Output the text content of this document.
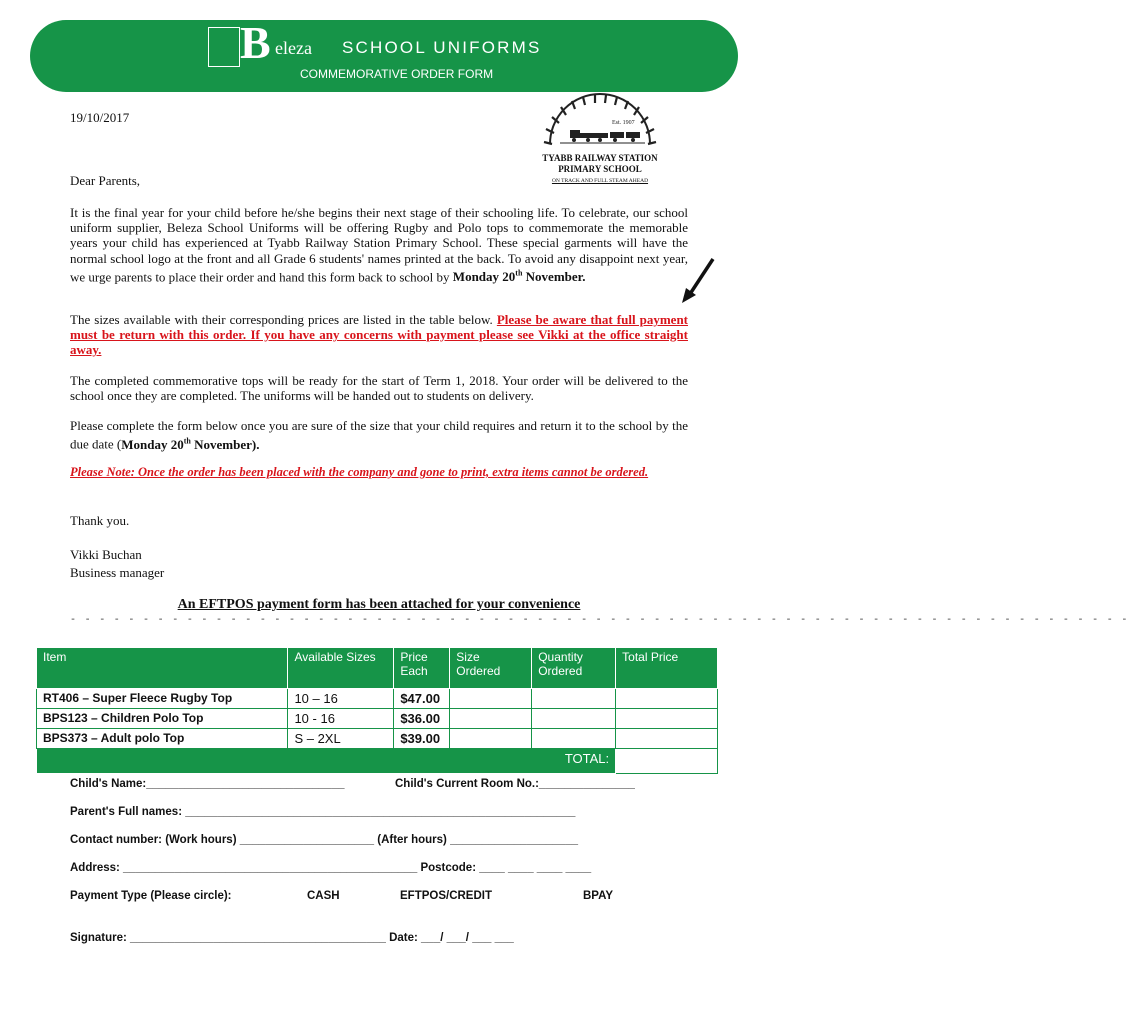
B eleza SCHOOL UNIFORMS
COMMEMORATIVE ORDER FORM
Est. 1907
TYABB RAILWAY STATION
PRIMARY SCHOOL
ON TRACK AND FULL STEAM AHEAD

19/10/2017

Dear Parents,

It is the final year for your child before he/she begins their next stage of their schooling life. To celebrate, our school uniform supplier, Beleza School Uniforms will be offering Rugby and Polo tops to commemorate the memorable years your child has experienced at Tyabb Railway Station Primary School. These special garments will have the normal school logo at the front and all Grade 6 students' names printed at the back. To avoid any disappoint next year, we urge parents to place their order and hand this form back to school by Monday 20th November.

The sizes available with their corresponding prices are listed in the table below. Please be aware that full payment must be return with this order. If you have any concerns with payment please see Vikki at the office straight away.

The completed commemorative tops will be ready for the start of Term 1, 2018. Your order will be delivered to the school once they are completed. The uniforms will be handed out to students on delivery.

Please complete the form below once you are sure of the size that your child requires and return it to the school by the due date (Monday 20th November).

Please Note: Once the order has been placed with the company and gone to print, extra items cannot be ordered.

Thank you.

Vikki Buchan

Business manager

An EFTPOS payment form has been attached for your convenience
- - - - - - - - - - - - - - - - - - - - - - - - - - - - - - - - - - - - - - - - - - - - - - - - - - - - - - - - - - - - - - - - - - - - - - - - -
Item	Available Sizes	Price Each	Size Ordered	Quantity Ordered	Total Price
RT406 – Super Fleece Rugby Top	10 – 16	$47.00			
BPS123 – Children Polo Top	10 - 16	$36.00			
BPS373 – Adult polo Top	S – 2XL	$39.00			
TOTAL:					
Child's Name:_______________________________	Child's Current Room No.:_______________
Parent's Full names: _____________________________________________________________
Contact number: (Work hours) _____________________ (After hours) ____________________
Address: ______________________________________________ Postcode: ____ ____ ____ ____
Payment Type (Please circle):	CASH	EFTPOS/CREDIT	BPAY
Signature: ________________________________________ Date: ___/ ___/ ___ ___
